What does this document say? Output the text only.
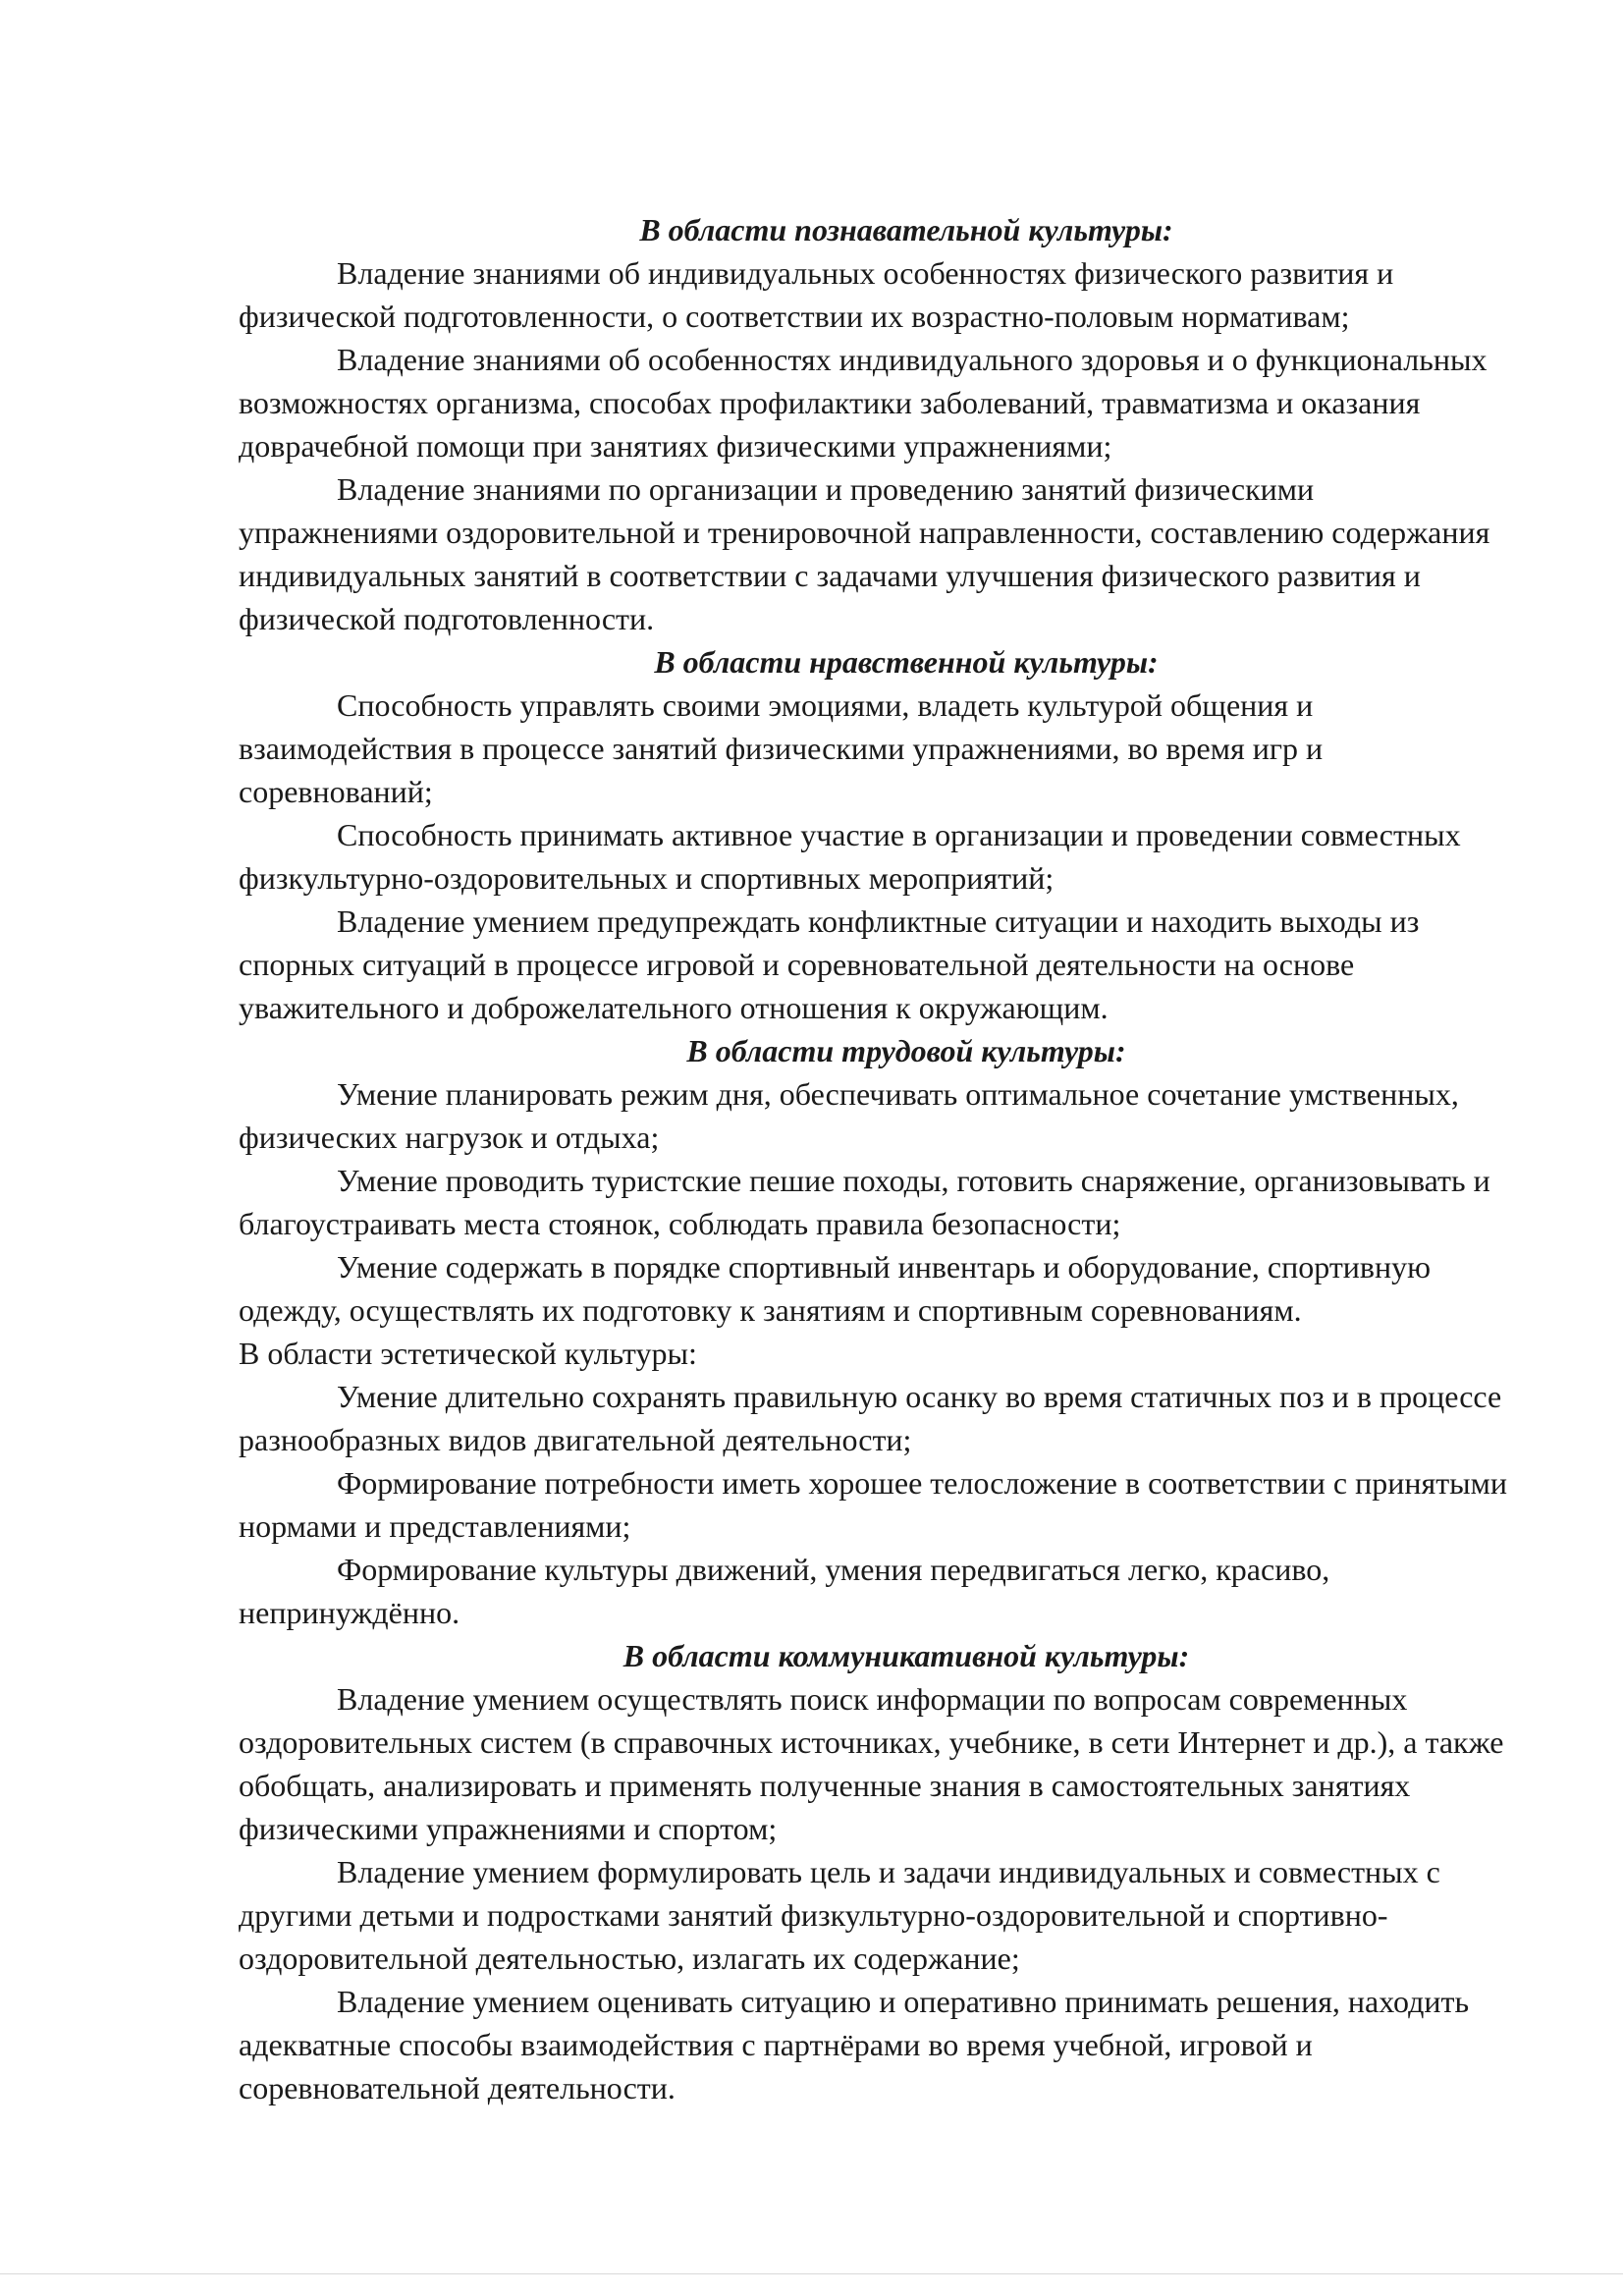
В области познавательной культуры:

Владение знаниями об индивидуальных особенностях физического развития и физической подготовленности, о соответствии их возрастно-половым нормативам;

Владение знаниями об особенностях индивидуального здоровья и о функциональных возможностях организма, способах профилактики заболеваний, травматизма и оказания доврачебной помощи при занятиях физическими упражнениями;

Владение знаниями по организации и проведению занятий физическими упражнениями оздоровительной и тренировочной направленности, составлению содержания индивидуальных занятий в соответствии с задачами улучшения физического развития и физической подготовленности.

В области нравственной культуры:

Способность управлять своими эмоциями, владеть культурой общения и взаимодействия в процессе занятий физическими упражнениями, во время игр и соревнований;

Способность принимать активное участие в организации и проведении совместных физкультурно-оздоровительных и спортивных мероприятий;

Владение умением предупреждать конфликтные ситуации и находить выходы из спорных ситуаций в процессе игровой и соревновательной деятельности на основе уважительного и доброжелательного отношения к окружающим.

В области трудовой культуры:

Умение планировать режим дня, обеспечивать оптимальное сочетание умственных, физических нагрузок и отдыха;

Умение проводить туристские пешие походы, готовить снаряжение, организовывать и благоустраивать места стоянок, соблюдать правила безопасности;

Умение содержать в порядке спортивный инвентарь и оборудование, спортивную одежду, осуществлять их подготовку к занятиям и спортивным соревнованиям.

В области эстетической культуры:

Умение длительно сохранять правильную осанку во время статичных поз и в процессе разнообразных видов двигательной деятельности;

Формирование потребности иметь хорошее телосложение в соответствии с принятыми нормами и представлениями;

Формирование культуры движений, умения передвигаться легко, красиво, непринуждённо.

В области коммуникативной культуры:

Владение умением осуществлять поиск информации по вопросам современных оздоровительных систем (в справочных источниках, учебнике, в сети Интернет и др.), а также обобщать, анализировать и применять полученные знания в самостоятельных занятиях физическими упражнениями и спортом;

Владение умением формулировать цель и задачи индивидуальных и совместных с другими детьми и подростками занятий физкультурно-оздоровительной и спортивно-оздоровительной деятельностью, излагать их содержание;

Владение умением оценивать ситуацию и оперативно принимать решения, находить адекватные способы взаимодействия с партнёрами во время учебной, игровой и соревновательной деятельности.
